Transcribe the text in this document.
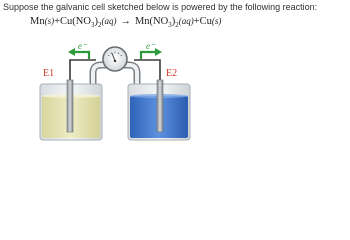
Suppose the galvanic cell sketched below is powered by the following reaction:
$Mn(s)+Cu(NO_3)_2(aq) \to Mn(NO_3)_2(aq)+Cu(s)$
e⁻	e⁻
E1	E2
